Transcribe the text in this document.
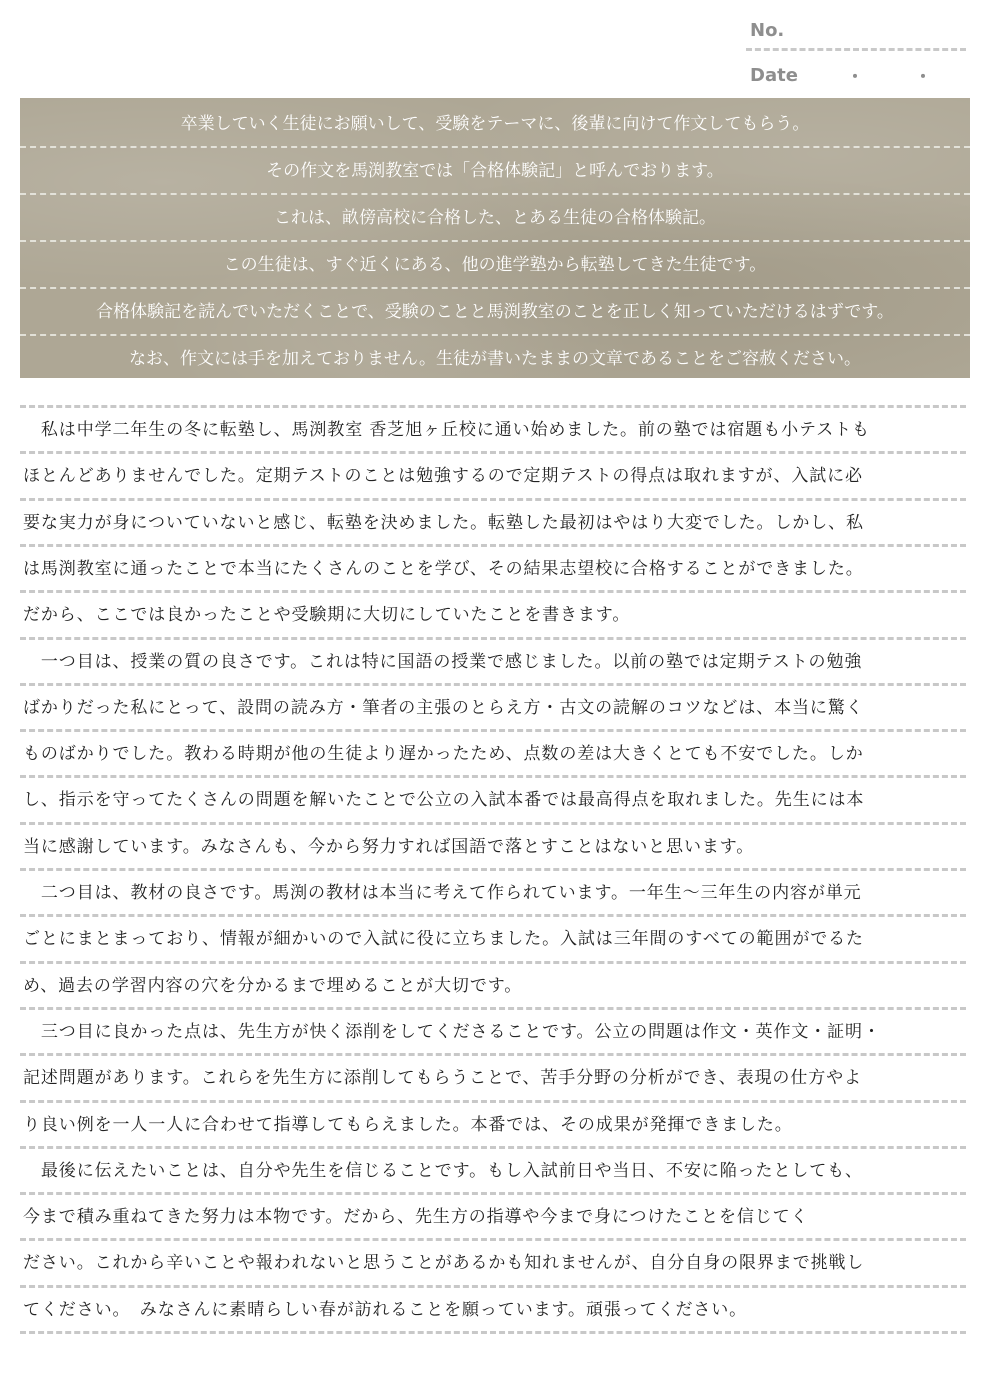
No.
Date	・	・
卒業していく生徒にお願いして、受験をテーマに、後輩に向けて作文してもらう。
その作文を馬渕教室では「合格体験記」と呼んでおります。
これは、畝傍高校に合格した、とある生徒の合格体験記。
この生徒は、すぐ近くにある、他の進学塾から転塾してきた生徒です。
合格体験記を読んでいただくことで、受験のことと馬渕教室のことを正しく知っていただけるはずです。
なお、作文には手を加えておりません。生徒が書いたままの文章であることをご容赦ください。
　私は中学二年生の冬に転塾し、馬渕教室 香芝旭ヶ丘校に通い始めました。前の塾では宿題も小テストも
ほとんどありませんでした。定期テストのことは勉強するので定期テストの得点は取れますが、入試に必
要な実力が身についていないと感じ、転塾を決めました。転塾した最初はやはり大変でした。しかし、私
は馬渕教室に通ったことで本当にたくさんのことを学び、その結果志望校に合格することができました。
だから、ここでは良かったことや受験期に大切にしていたことを書きます。
　一つ目は、授業の質の良さです。これは特に国語の授業で感じました。以前の塾では定期テストの勉強
ばかりだった私にとって、設問の読み方・筆者の主張のとらえ方・古文の読解のコツなどは、本当に驚く
ものばかりでした。教わる時期が他の生徒より遅かったため、点数の差は大きくとても不安でした。しか
し、指示を守ってたくさんの問題を解いたことで公立の入試本番では最高得点を取れました。先生には本
当に感謝しています。みなさんも、今から努力すれば国語で落とすことはないと思います。
　二つ目は、教材の良さです。馬渕の教材は本当に考えて作られています。一年生～三年生の内容が単元
ごとにまとまっており、情報が細かいので入試に役に立ちました。入試は三年間のすべての範囲がでるた
め、過去の学習内容の穴を分かるまで埋めることが大切です。
　三つ目に良かった点は、先生方が快く添削をしてくださることです。公立の問題は作文・英作文・証明・
記述問題があります。これらを先生方に添削してもらうことで、苦手分野の分析ができ、表現の仕方やよ
り良い例を一人一人に合わせて指導してもらえました。本番では、その成果が発揮できました。
　最後に伝えたいことは、自分や先生を信じることです。もし入試前日や当日、不安に陥ったとしても、
今まで積み重ねてきた努力は本物です。だから、先生方の指導や今まで身につけたことを信じてく
ださい。これから辛いことや報われないと思うことがあるかも知れませんが、自分自身の限界まで挑戦し
てください。　みなさんに素晴らしい春が訪れることを願っています。頑張ってください。
